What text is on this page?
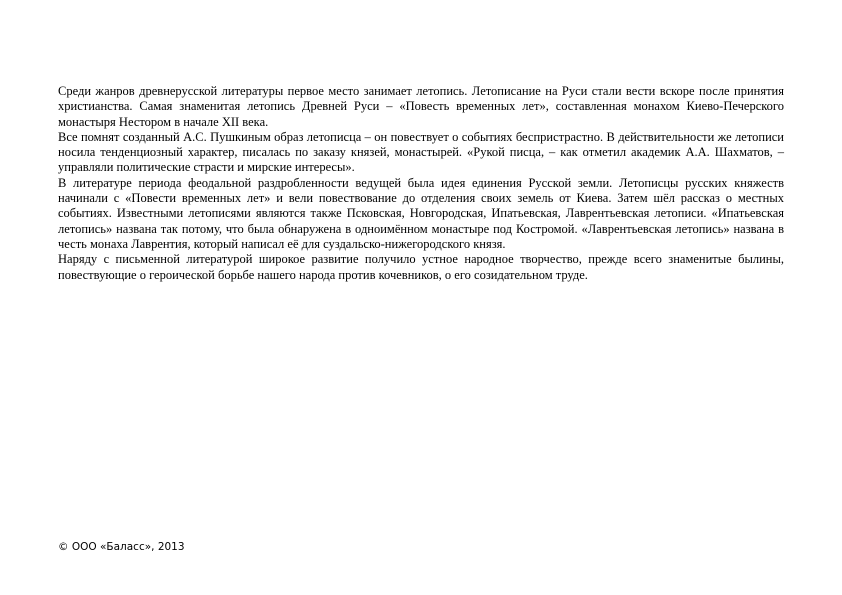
Среди жанров древнерусской литературы первое место занимает летопись. Летописание на Руси стали вести вскоре после принятия христианства. Самая знаменитая летопись Древней Руси – «Повесть временных лет», составленная монахом Киево-Печерского монастыря Нестором в начале XII века.

Все помнят созданный А.С. Пушкиным образ летописца – он повествует о событиях беспристрастно. В действительности же летописи носила тенденциозный характер, писалась по заказу князей, монастырей. «Рукой писца, – как отметил академик А.А. Шахматов, – управляли политические страсти и мирские интересы».

В литературе периода феодальной раздробленности ведущей была идея единения Русской земли. Летописцы русских княжеств начинали с «Повести временных лет» и вели повествование до отделения своих земель от Киева. Затем шёл рассказ о местных событиях. Известными летописями являются также Псковская, Новгородская, Ипатьевская, Лаврентьевская летописи. «Ипатьевская летопись» названа так потому, что была обнаружена в одноимённом монастыре под Костромой. «Лаврентьевская летопись» названа в честь монаха Лаврентия, который написал её для суздальско-нижегородского князя.

Наряду с письменной литературой широкое развитие получило устное народное творчество, прежде всего знаменитые былины, повествующие о героической борьбе нашего народа против кочевников, о его созидательном труде.

© ООО «Баласс», 2013
